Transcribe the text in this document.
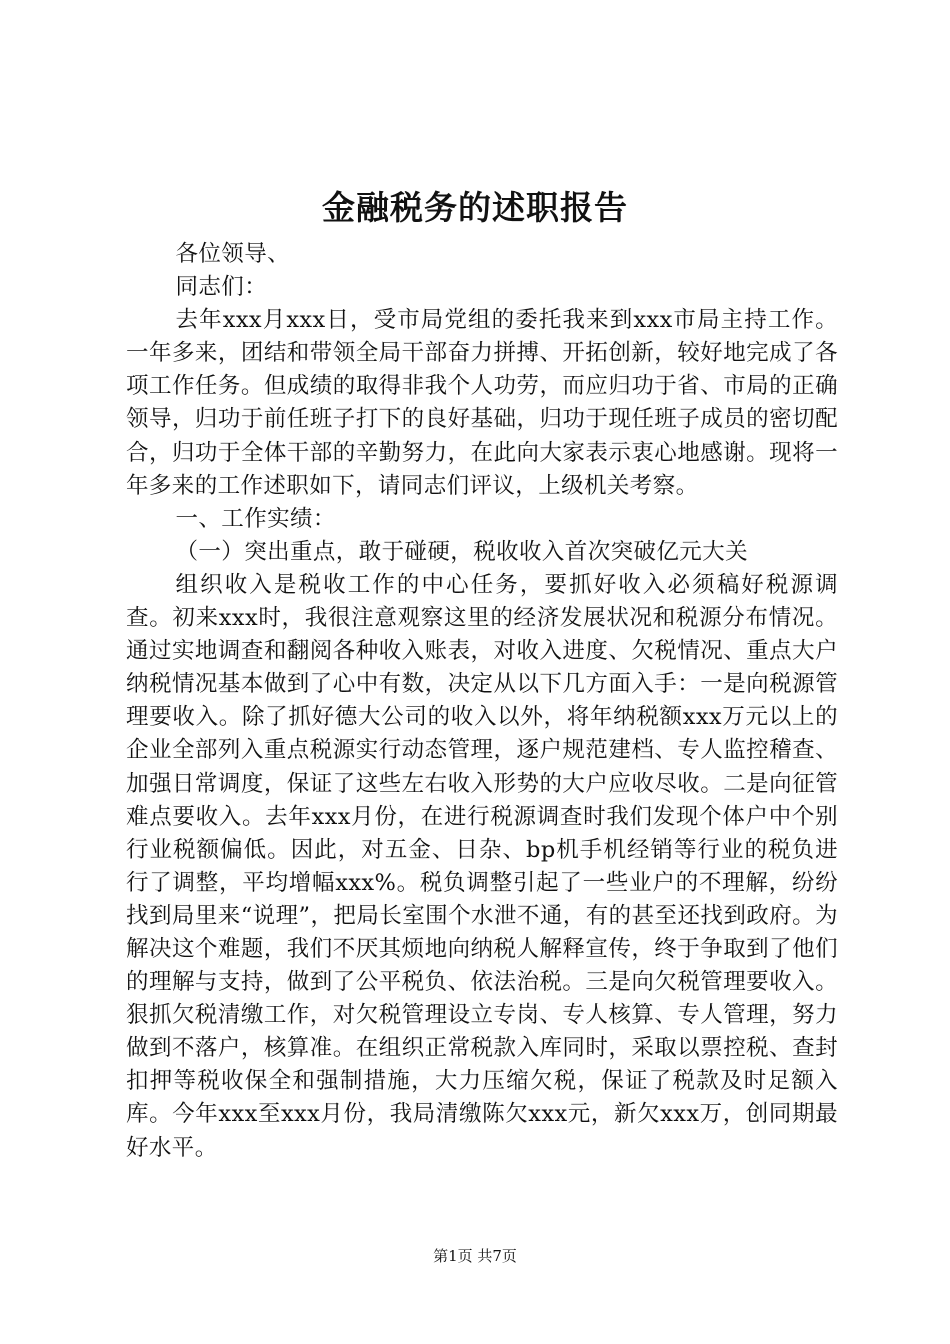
金融税务的述职报告

各位领导、

同志们：

去年xxx月xxx日，受市局党组的委托我来到xxx市局主持工作。一年多来，团结和带领全局干部奋力拼搏、开拓创新，较好地完成了各项工作任务。但成绩的取得非我个人功劳，而应归功于省、市局的正确领导，归功于前任班子打下的良好基础，归功于现任班子成员的密切配合，归功于全体干部的辛勤努力，在此向大家表示衷心地感谢。现将一年多来的工作述职如下，请同志们评议，上级机关考察。

一、工作实绩：

（一）突出重点，敢于碰硬，税收收入首次突破亿元大关

组织收入是税收工作的中心任务，要抓好收入必须稿好税源调查。初来xxx时，我很注意观察这里的经济发展状况和税源分布情况。通过实地调查和翻阅各种收入账表，对收入进度、欠税情况、重点大户纳税情况基本做到了心中有数，决定从以下几方面入手：一是向税源管理要收入。除了抓好德大公司的收入以外，将年纳税额xxx万元以上的企业全部列入重点税源实行动态管理，逐户规范建档、专人监控稽查、加强日常调度，保证了这些左右收入形势的大户应收尽收。二是向征管难点要收入。去年xxx月份，在进行税源调查时我们发现个体户中个别行业税额偏低。因此，对五金、日杂、bp机手机经销等行业的税负进行了调整，平均增幅xxx%。税负调整引起了一些业户的不理解，纷纷找到局里来“说理”，把局长室围个水泄不通，有的甚至还找到政府。为解决这个难题，我们不厌其烦地向纳税人解释宣传，终于争取到了他们的理解与支持，做到了公平税负、依法治税。三是向欠税管理要收入。狠抓欠税清缴工作，对欠税管理设立专岗、专人核算、专人管理，努力做到不落户，核算准。在组织正常税款入库同时，采取以票控税、查封扣押等税收保全和强制措施，大力压缩欠税，保证了税款及时足额入库。今年xxx至xxx月份，我局清缴陈欠xxx元，新欠xxx万，创同期最好水平。

第1页 共7页
